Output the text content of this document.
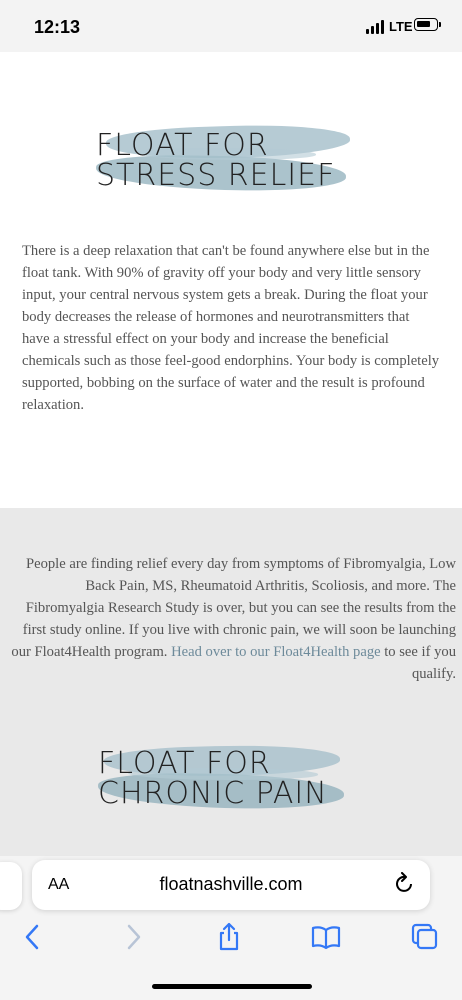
12:13	LTE
FLOAT FOR
STRESS RELIEF
There is a deep relaxation that can't be found anywhere else but in the float tank. With 90% of gravity off your body and very little sensory input, your central nervous system gets a break. During the float your body decreases the release of hormones and neurotransmitters that have a stressful effect on your body and increase the beneficial chemicals such as those feel-good endorphins. Your body is completely supported, bobbing on the surface of water and the result is profound relaxation.
People are finding relief every day from symptoms of Fibromyalgia, Low Back Pain, MS, Rheumatoid Arthritis, Scoliosis, and more. The Fibromyalgia Research Study is over, but you can see the results from the first study online. If you live with chronic pain, we will soon be launching our Float4Health program. Head over to our Float4Health page to see if you qualify.
FLOAT FOR
CHRONIC PAIN
AA	floatnashville.com
